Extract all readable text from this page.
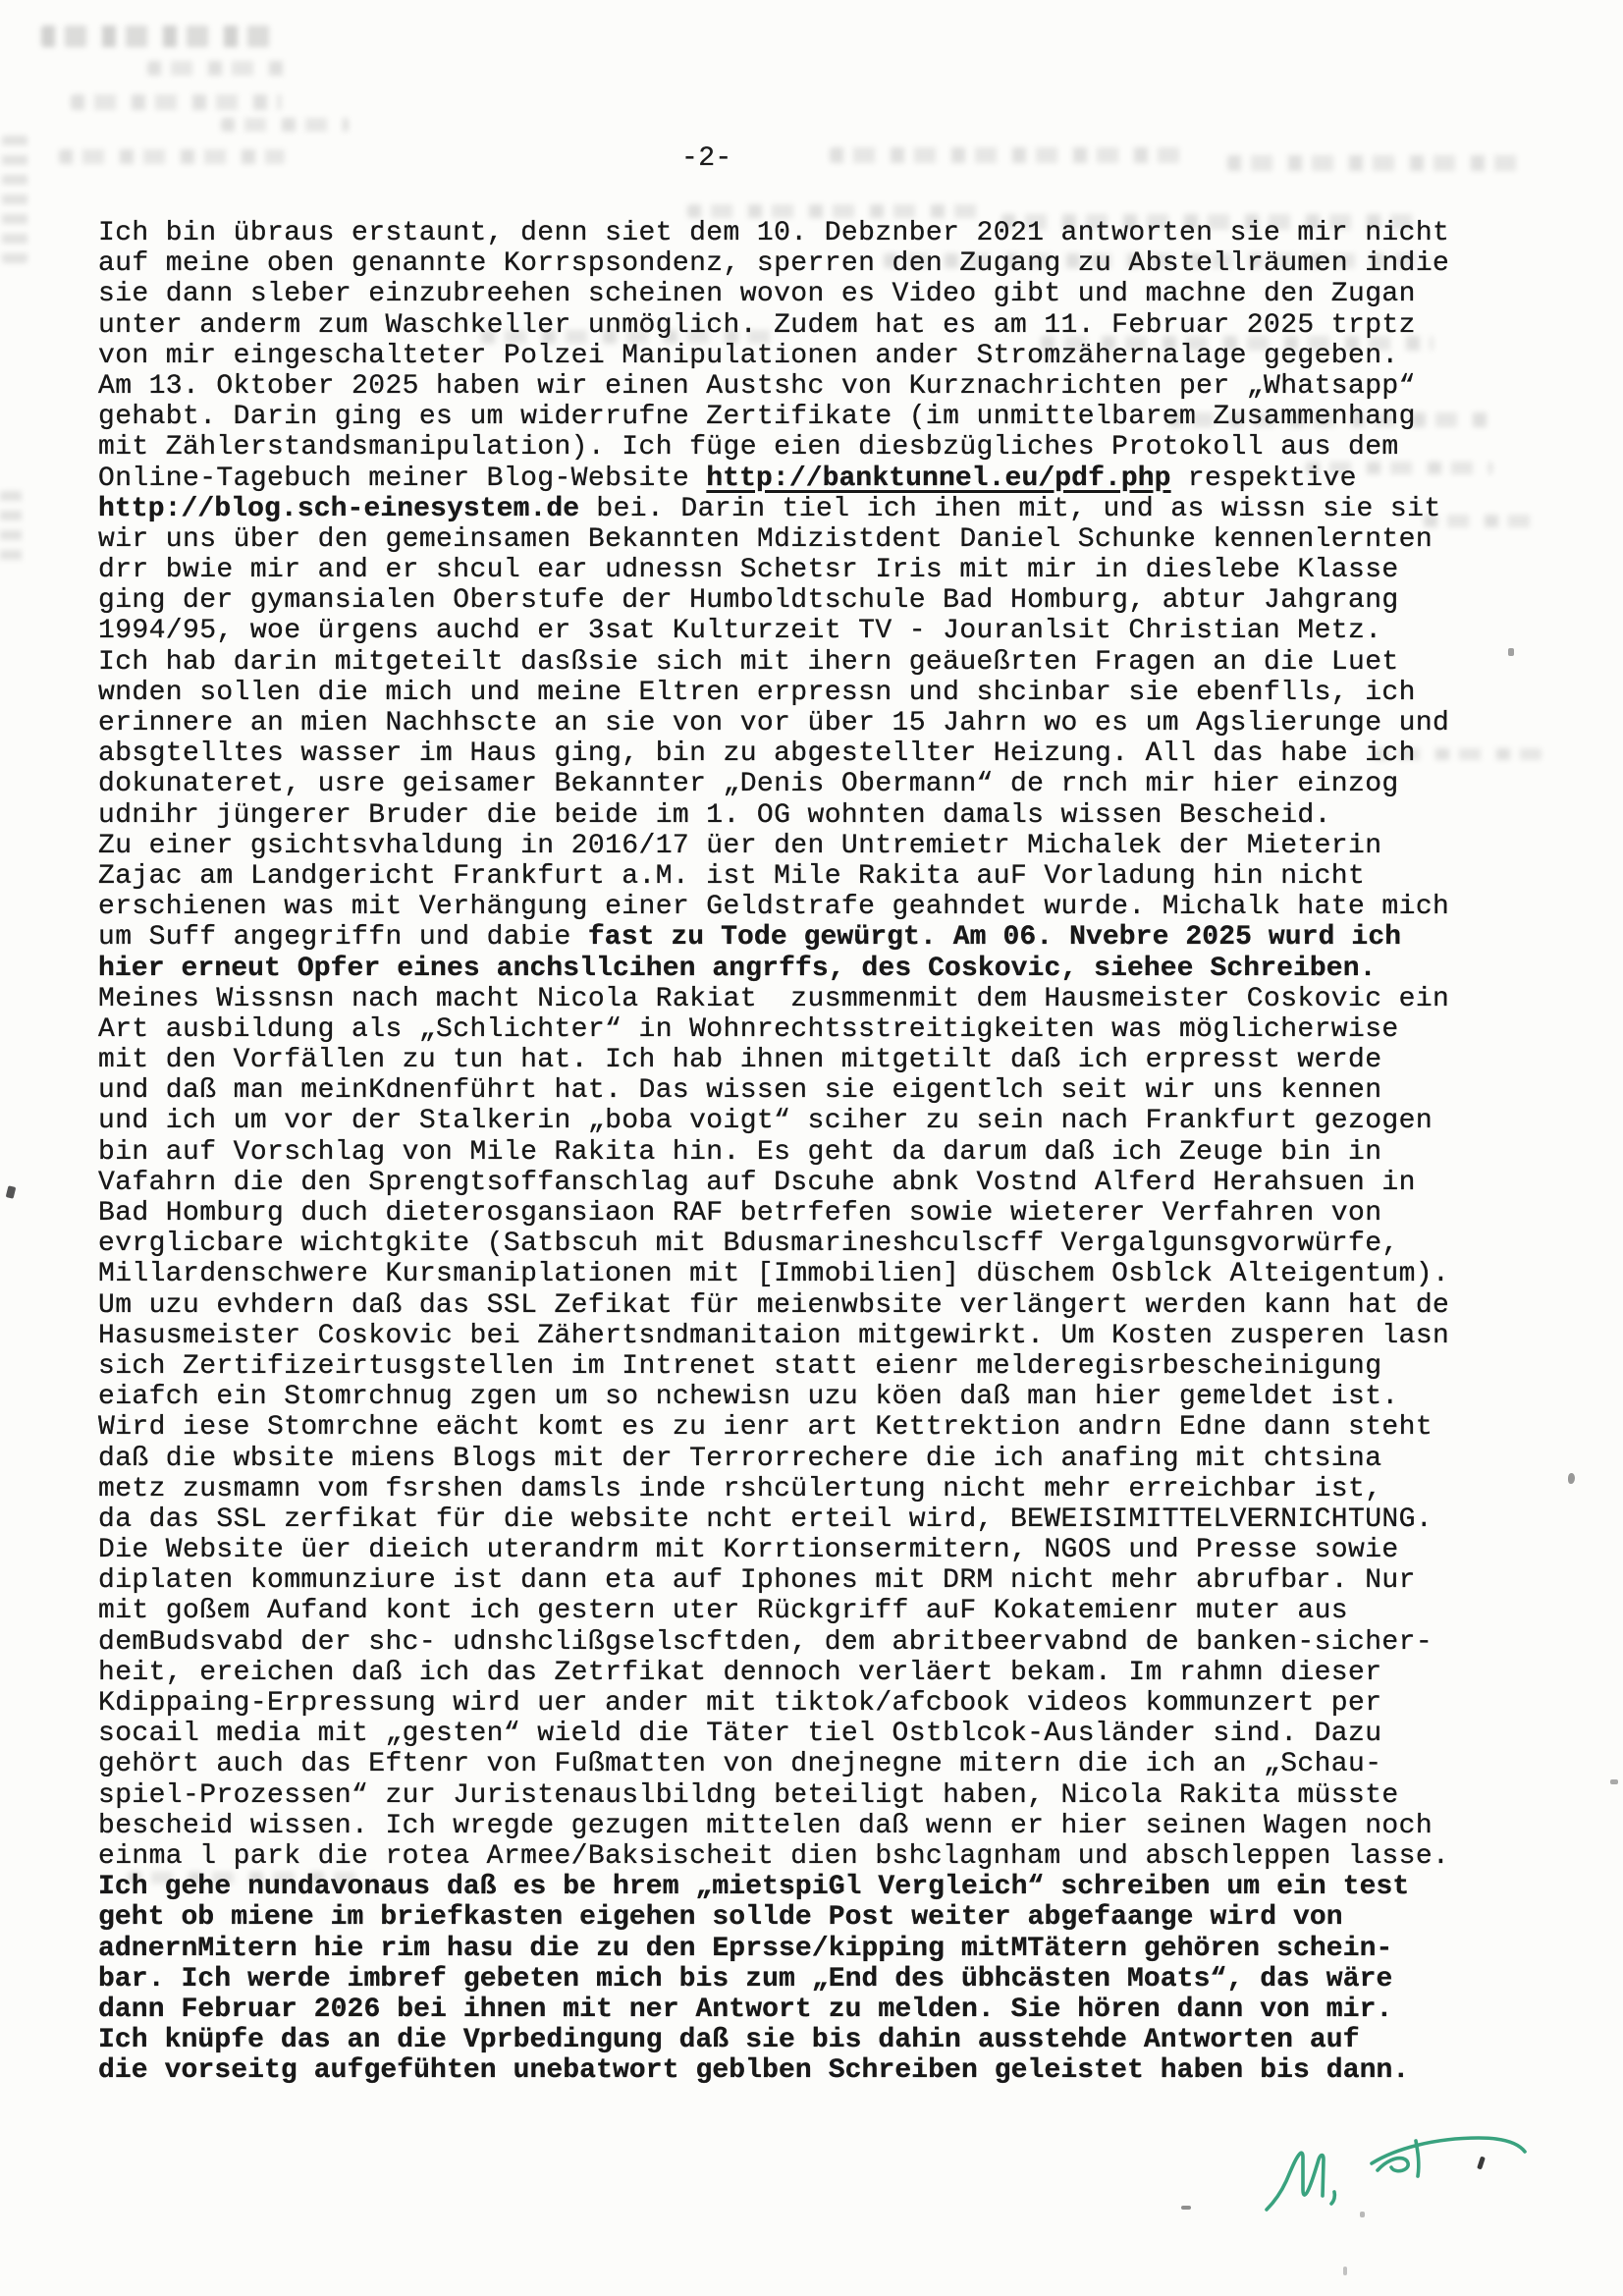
-2-
Ich bin übraus erstaunt, denn siet dem 10. Debznber 2021 antworten sie mir nicht
auf meine oben genannte Korrspsondenz, sperren den Zugang zu Abstellräumen indie
sie dann sleber einzubreehen scheinen wovon es Video gibt und machne den Zugan
unter anderm zum Waschkeller unmöglich. Zudem hat es am 11. Februar 2025 trptz
von mir eingeschalteter Polzei Manipulationen ander Stromzähernalage gegeben.
Am 13. Oktober 2025 haben wir einen Austshc von Kurznachrichten per „Whatsapp“
gehabt. Darin ging es um widerrufne Zertifikate (im unmittelbarem Zusammenhang
mit Zählerstandsmanipulation). Ich füge eien diesbzügliches Protokoll aus dem
Online-Tagebuch meiner Blog-Website http://banktunnel.eu/pdf.php respektive
http://blog.sch-einesystem.de bei. Darin tiel ich ihen mit, und as wissn sie sit
wir uns über den gemeinsamen Bekannten Mdizistdent Daniel Schunke kennenlernten
drr bwie mir and er shcul ear udnessn Schetsr Iris mit mir in dieslebe Klasse
ging der gymansialen Oberstufe der Humboldtschule Bad Homburg, abtur Jahgrang
1994/95, woe ürgens auchd er 3sat Kulturzeit TV - Jouranlsit Christian Metz.
Ich hab darin mitgeteilt dasßsie sich mit ihern geäueßrten Fragen an die Luet
wnden sollen die mich und meine Eltren erpressn und shcinbar sie ebenflls, ich
erinnere an mien Nachhscte an sie von vor über 15 Jahrn wo es um Agslierunge und
absgtelltes wasser im Haus ging, bin zu abgestellter Heizung. All das habe ich
dokunateret, usre geisamer Bekannter „Denis Obermann“ de rnch mir hier einzog
udnihr jüngerer Bruder die beide im 1. OG wohnten damals wissen Bescheid.
Zu einer gsichtsvhaldung in 2016/17 üer den Untremietr Michalek der Mieterin
Zajac am Landgericht Frankfurt a.M. ist Mile Rakita auF Vorladung hin nicht
erschienen was mit Verhängung einer Geldstrafe geahndet wurde. Michalk hate mich
um Suff angegriffn und dabie fast zu Tode gewürgt. Am 06. Nvebre 2025 wurd ich
hier erneut Opfer eines anchsllcihen angrffs, des Coskovic, siehee Schreiben.
Meines Wissnsn nach macht Nicola Rakiat  zusmmenmit dem Hausmeister Coskovic ein
Art ausbildung als „Schlichter“ in Wohnrechtsstreitigkeiten was möglicherwise
mit den Vorfällen zu tun hat. Ich hab ihnen mitgetilt daß ich erpresst werde
und daß man meinKdnenführt hat. Das wissen sie eigentlch seit wir uns kennen
und ich um vor der Stalkerin „boba voigt“ sciher zu sein nach Frankfurt gezogen
bin auf Vorschlag von Mile Rakita hin. Es geht da darum daß ich Zeuge bin in
Vafahrn die den Sprengtsoffanschlag auf Dscuhe abnk Vostnd Alferd Herahsuen in
Bad Homburg duch dieterosgansiaon RAF betrfefen sowie wieterer Verfahren von
evrglicbare wichtgkite (Satbscuh mit Bdusmarineshculscff Vergalgunsgvorwürfe,
Millardenschwere Kursmaniplationen mit [Immobilien] düschem Osblck Alteigentum).
Um uzu evhdern daß das SSL Zefikat für meienwbsite verlängert werden kann hat de
Hasusmeister Coskovic bei Zähertsndmanitaion mitgewirkt. Um Kosten zusperen lasn
sich Zertifizeirtusgstellen im Intrenet statt eienr melderegisrbescheinigung
eiafch ein Stomrchnug zgen um so nchewisn uzu köen daß man hier gemeldet ist.
Wird iese Stomrchne eächt komt es zu ienr art Kettrektion andrn Edne dann steht
daß die wbsite miens Blogs mit der Terrorrechere die ich anafing mit chtsina
metz zusmamn vom fsrshen damsls inde rshcülertung nicht mehr erreichbar ist,
da das SSL zerfikat für die website ncht erteil wird, BEWEISIMITTELVERNICHTUNG.
Die Website üer dieich uterandrm mit Korrtionsermitern, NGOS und Presse sowie
diplaten kommunziure ist dann eta auf Iphones mit DRM nicht mehr abrufbar. Nur
mit goßem Aufand kont ich gestern uter Rückgriff auF Kokatemienr muter aus
demBudsvabd der shc- udnshclißgselscftden, dem abritbeervabnd de banken-sicher-
heit, ereichen daß ich das Zetrfikat dennoch verläert bekam. Im rahmn dieser
Kdippaing-Erpressung wird uer ander mit tiktok/afcbook videos kommunzert per
socail media mit „gesten“ wield die Täter tiel Ostblcok-Ausländer sind. Dazu
gehört auch das Eftenr von Fußmatten von dnejnegne mitern die ich an „Schau-
spiel-Prozessen“ zur Juristenauslbildng beteiligt haben, Nicola Rakita müsste
bescheid wissen. Ich wregde gezugen mittelen daß wenn er hier seinen Wagen noch
einma l park die rotea Armee/Baksischeit dien bshclagnham und abschleppen lasse.
Ich gehe nundavonaus daß es be hrem „mietspiGl Vergleich“ schreiben um ein test
geht ob miene im briefkasten eigehen sollde Post weiter abgefaange wird von
adnernMitern hie rim hasu die zu den Eprsse/kipping mitMTätern gehören schein-
bar. Ich werde imbref gebeten mich bis zum „End des übhcästen Moats“, das wäre
dann Februar 2026 bei ihnen mit ner Antwort zu melden. Sie hören dann von mir.
Ich knüpfe das an die Vprbedingung daß sie bis dahin ausstehde Antworten auf
die vorseitg aufgefühten unebatwort geblben Schreiben geleistet haben bis dann.
